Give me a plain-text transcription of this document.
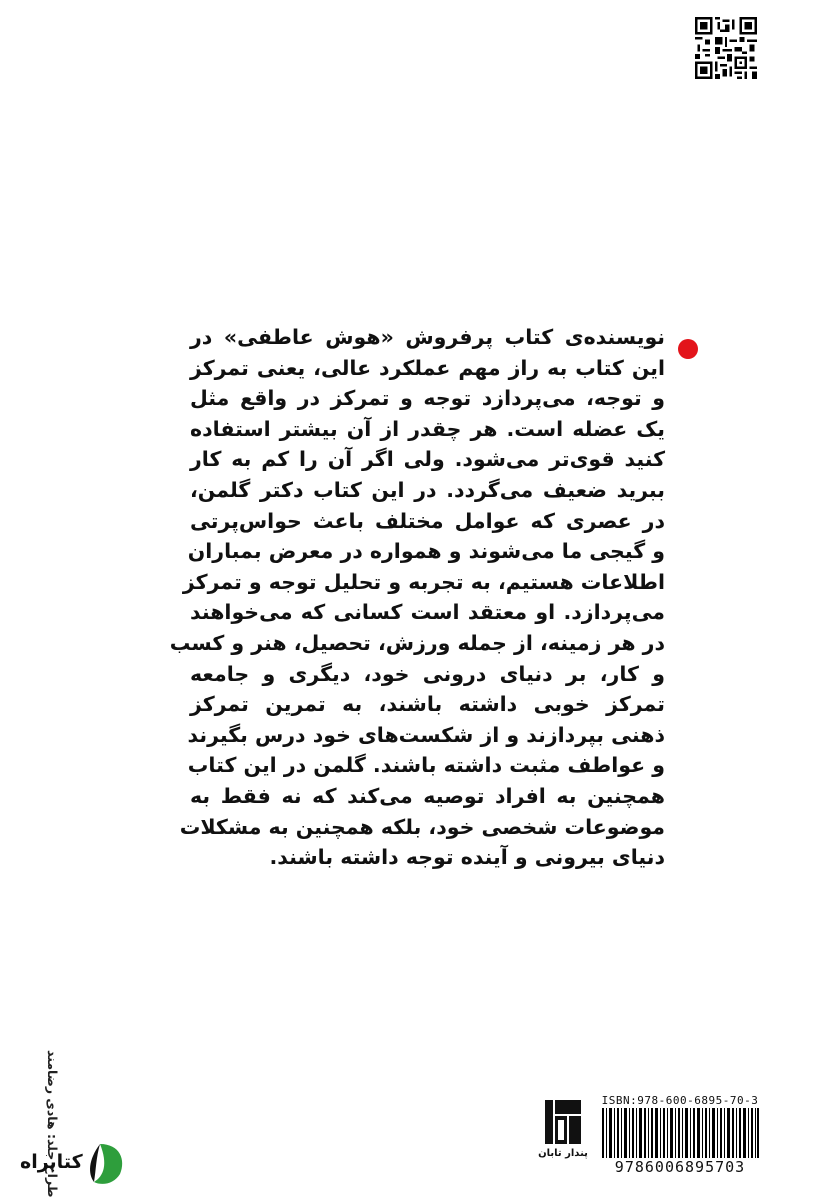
نویسنده‌ی کتاب پرفروش «هوش عاطفی» در
این کتاب به راز مهم عملکرد عالی، یعنی تمرکز
و توجه، می‌پردازد توجه و تمرکز در واقع مثل
یک عضله است. هر چقدر از آن بیشتر استفاده
کنید قوی‌تر می‌شود. ولی اگر آن را کم به کار
ببرید ضعیف می‌گردد. در این کتاب دکتر گلمن،
در عصری که عوامل مختلف باعث حواس‌پرتی
و گیجی ما می‌شوند و همواره در معرض بمباران
اطلاعات هستیم، به تجربه و تحلیل توجه و تمرکز
می‌پردازد. او معتقد است کسانی که می‌خواهند
در هر زمینه، از جمله ورزش، تحصیل، هنر و کسب
و کار، بر دنیای درونی خود، دیگری و جامعه
تمرکز خوبی داشته باشند، به تمرین تمرکز
ذهنی بپردازند و از شکست‌های خود درس بگیرند
و عواطف مثبت داشته باشند. گلمن در این کتاب
همچنین به افراد توصیه می‌کند که نه فقط به
موضوعات شخصی خود، بلکه همچنین به مشکلات
دنیای بیرونی و آینده توجه داشته باشند.
طراح جلد: هادی رضامند
کتابراه	پندار تابان
ISBN:978-600-6895-70-3
9786006895703
